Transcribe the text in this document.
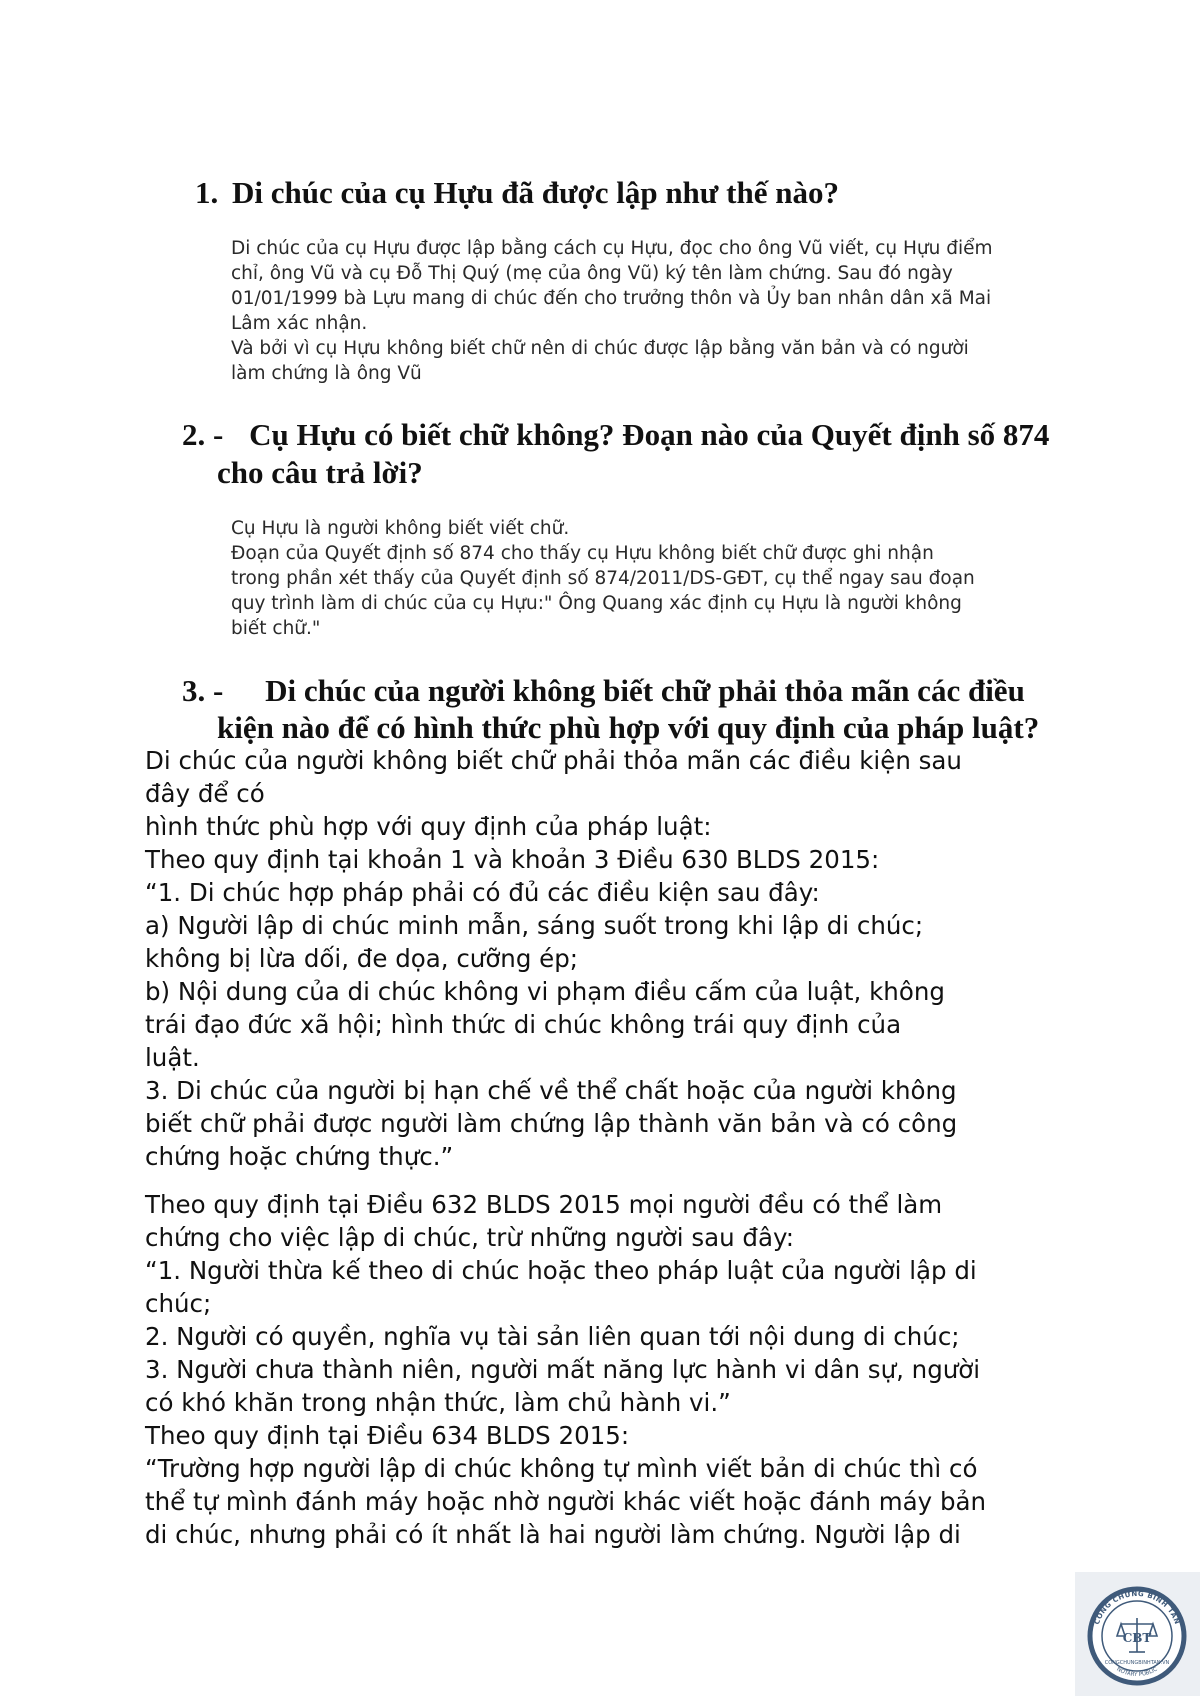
1. Di chúc của cụ Hựu đã được lập như thế nào?

Di chúc của cụ Hựu được lập bằng cách cụ Hựu, đọc cho ông Vũ viết, cụ Hựu điểm

chỉ, ông Vũ và cụ Đỗ Thị Quý (mẹ của ông Vũ) ký tên làm chứng. Sau đó ngày

01/01/1999 bà Lựu mang di chúc đến cho trưởng thôn và Ủy ban nhân dân xã Mai

Lâm xác nhận.

Và bởi vì cụ Hựu không biết chữ nên di chúc được lập bằng văn bản và có người

làm chứng là ông Vũ

2. - Cụ Hựu có biết chữ không? Đoạn nào của Quyết định số 874
cho câu trả lời?

Cụ Hựu là người không biết viết chữ.

Đoạn của Quyết định số 874 cho thấy cụ Hựu không biết chữ được ghi nhận

trong phần xét thấy của Quyết định số 874/2011/DS-GĐT, cụ thể ngay sau đoạn

quy trình làm di chúc của cụ Hựu:" Ông Quang xác định cụ Hựu là người không

biết chữ."

3. - Di chúc của người không biết chữ phải thỏa mãn các điều
kiện nào để có hình thức phù hợp với quy định của pháp luật?

Di chúc của người không biết chữ phải thỏa mãn các điều kiện sau

đây để có

hình thức phù hợp với quy định của pháp luật:

Theo quy định tại khoản 1 và khoản 3 Điều 630 BLDS 2015:

“1. Di chúc hợp pháp phải có đủ các điều kiện sau đây:

a) Người lập di chúc minh mẫn, sáng suốt trong khi lập di chúc;

không bị lừa dối, đe dọa, cưỡng ép;

b) Nội dung của di chúc không vi phạm điều cấm của luật, không

trái đạo đức xã hội; hình thức di chúc không trái quy định của

luật.

3. Di chúc của người bị hạn chế về thể chất hoặc của người không

biết chữ phải được người làm chứng lập thành văn bản và có công

chứng hoặc chứng thực.”

Theo quy định tại Điều 632 BLDS 2015 mọi người đều có thể làm

chứng cho việc lập di chúc, trừ những người sau đây:

“1. Người thừa kế theo di chúc hoặc theo pháp luật của người lập di

chúc;

2. Người có quyền, nghĩa vụ tài sản liên quan tới nội dung di chúc;

3. Người chưa thành niên, người mất năng lực hành vi dân sự, người

có khó khăn trong nhận thức, làm chủ hành vi.”

Theo quy định tại Điều 634 BLDS 2015:

“Trường hợp người lập di chúc không tự mình viết bản di chúc thì có

thể tự mình đánh máy hoặc nhờ người khác viết hoặc đánh máy bản

di chúc, nhưng phải có ít nhất là hai người làm chứng. Người lập di

CÔNG CHỨNG BÌNH TÂN
NOTARY PUBLIC
CBT
CONGCHUNGBINHTAN.VN
